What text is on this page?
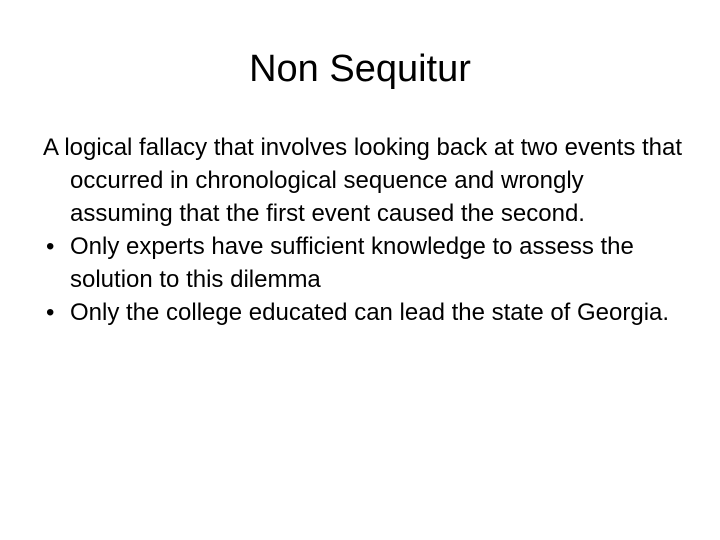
Non Sequitur

A logical fallacy that involves looking back at two events that occurred in chronological sequence and wrongly assuming that the first event caused the second.

• Only experts have sufficient knowledge to assess the solution to this dilemma
• Only the college educated can lead the state of Georgia.
